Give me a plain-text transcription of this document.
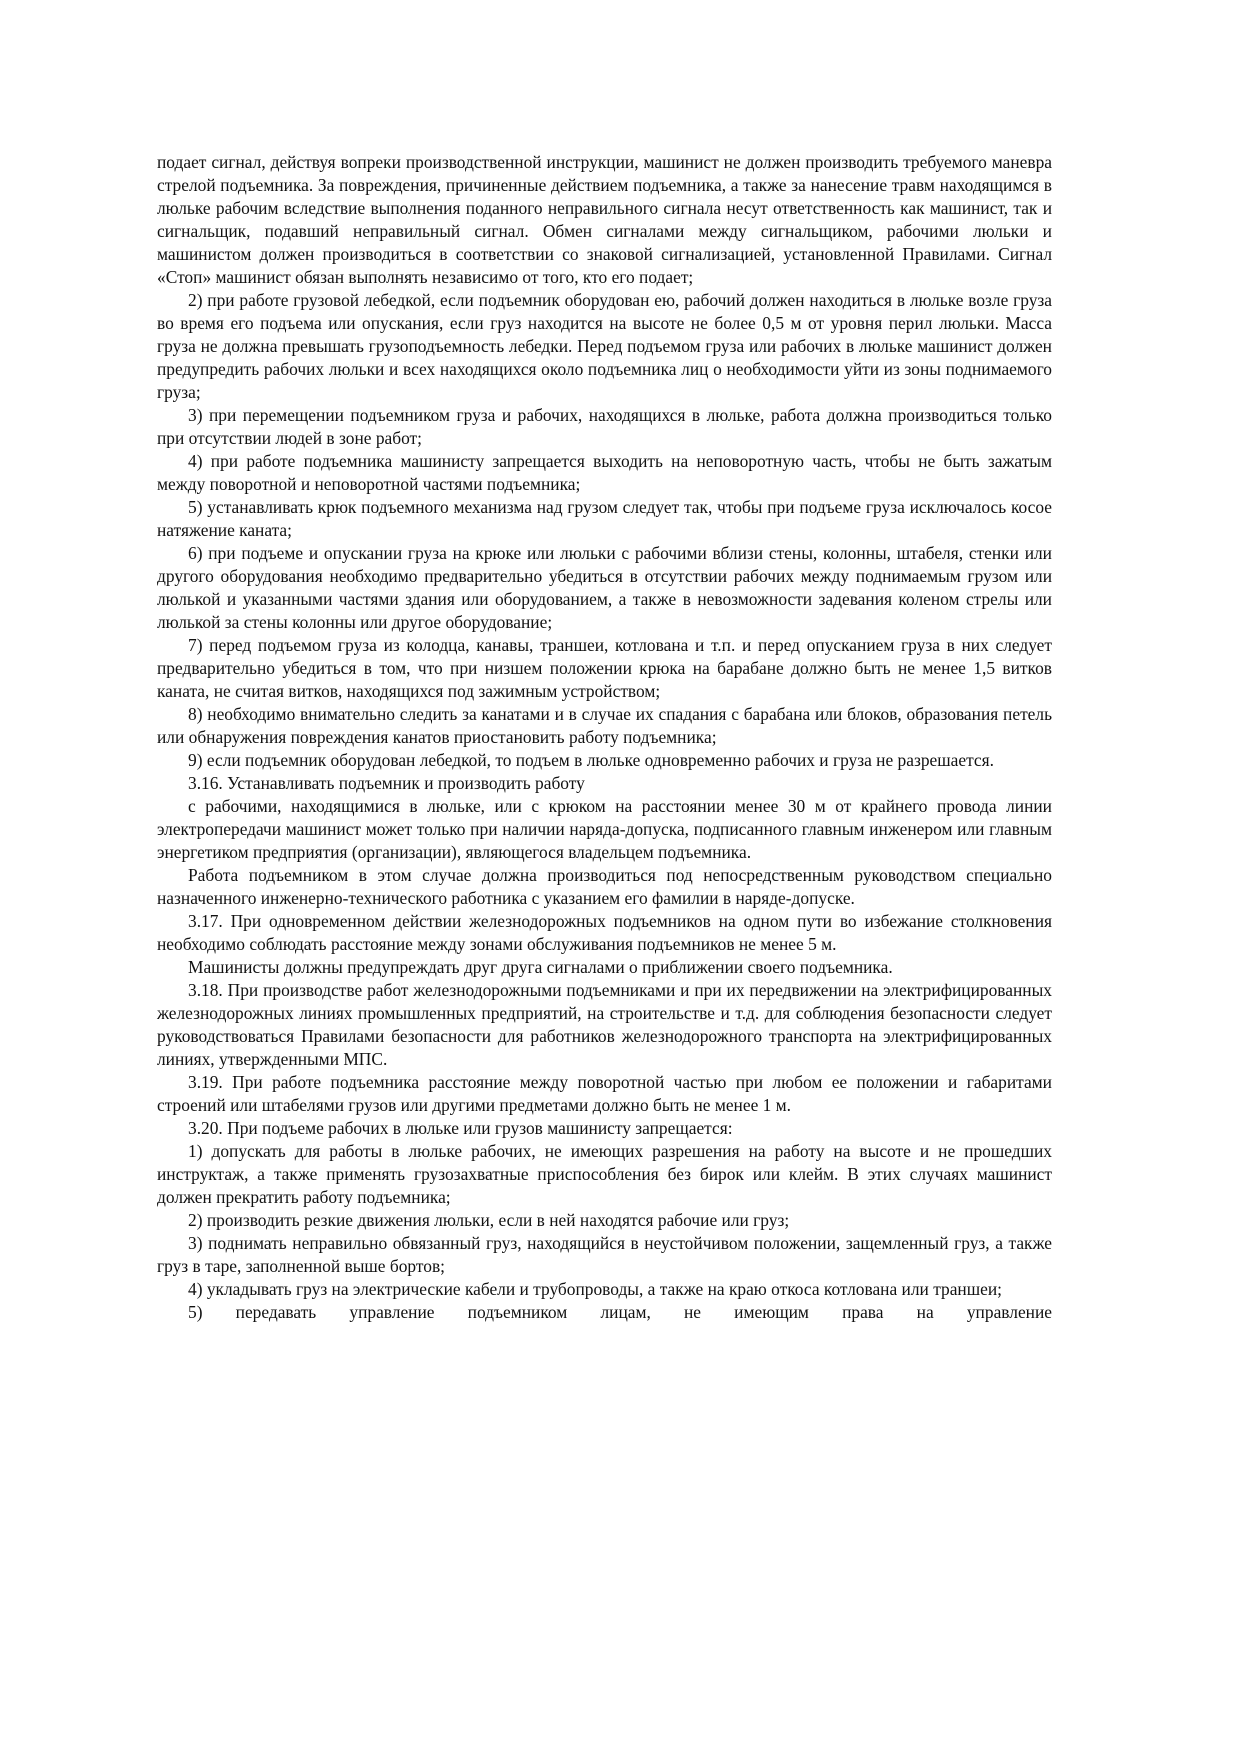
подает сигнал, действуя вопреки производственной инструкции, машинист не должен производить требуемого маневра стрелой подъемника. За повреждения, причиненные действием подъемника, а также за нанесение травм находящимся в люльке рабочим вследствие выполнения поданного неправильного сигнала несут ответственность как машинист, так и сигнальщик, подавший неправильный сигнал. Обмен сигналами между сигнальщиком, рабочими люльки и машинистом должен производиться в соответствии со знаковой сигнализацией, установленной Правилами. Сигнал «Стоп» машинист обязан выполнять независимо от того, кто его подает;

2) при работе грузовой лебедкой, если подъемник оборудован ею, рабочий должен находиться в люльке возле груза во время его подъема или опускания, если груз находится на высоте не более 0,5 м от уровня перил люльки. Масса груза не должна превышать грузоподъемность лебедки. Перед подъемом груза или рабочих в люльке машинист должен предупредить рабочих люльки и всех находящихся около подъемника лиц о необходимости уйти из зоны поднимаемого груза;

3) при перемещении подъемником груза и рабочих, находящихся в люльке, работа должна производиться только при отсутствии людей в зоне работ;

4) при работе подъемника машинисту запрещается выходить на неповоротную часть, чтобы не быть зажатым между поворотной и неповоротной частями подъемника;

5) устанавливать крюк подъемного механизма над грузом следует так, чтобы при подъеме груза исключалось косое натяжение каната;

6) при подъеме и опускании груза на крюке или люльки с рабочими вблизи стены, колонны, штабеля, стенки или другого оборудования необходимо предварительно убедиться в отсутствии рабочих между поднимаемым грузом или люлькой и указанными частями здания или оборудованием, а также в невозможности задевания коленом стрелы или люлькой за стены колонны или другое оборудование;

7) перед подъемом груза из колодца, канавы, траншеи, котлована и т.п. и перед опусканием груза в них следует предварительно убедиться в том, что при низшем положении крюка на барабане должно быть не менее 1,5 витков каната, не считая витков, находящихся под зажимным устройством;

8) необходимо внимательно следить за канатами и в случае их спадания с барабана или блоков, образования петель или обнаружения повреждения канатов приостановить работу подъемника;

9) если подъемник оборудован лебедкой, то подъем в люльке одновременно рабочих и груза не разрешается.

3.16. Устанавливать подъемник и производить работу

с рабочими, находящимися в люльке, или с крюком на расстоянии менее 30 м от крайнего провода линии электропередачи машинист может только при наличии наряда-допуска, подписанного главным инженером или главным энергетиком предприятия (организации), являющегося владельцем подъемника.

Работа подъемником в этом случае должна производиться под непосредственным руководством специально назначенного инженерно-технического работника с указанием его фамилии в наряде-допуске.

3.17. При одновременном действии железнодорожных подъемников на одном пути во избежание столкновения необходимо соблюдать расстояние между зонами обслуживания подъемников не менее 5 м.

Машинисты должны предупреждать друг друга сигналами о приближении своего подъемника.

3.18. При производстве работ железнодорожными подъемниками и при их передвижении на электрифицированных железнодорожных линиях промышленных предприятий, на строительстве и т.д. для соблюдения безопасности следует руководствоваться Правилами безопасности для работников железнодорожного транспорта на электрифицированных линиях, утвержденными МПС.

3.19. При работе подъемника расстояние между поворотной частью при любом ее положении и габаритами строений или штабелями грузов или другими предметами должно быть не менее 1 м.

3.20. При подъеме рабочих в люльке или грузов машинисту запрещается:

1) допускать для работы в люльке рабочих, не имеющих разрешения на работу на высоте и не прошедших инструктаж, а также применять грузозахватные приспособления без бирок или клейм. В этих случаях машинист должен прекратить работу подъемника;

2) производить резкие движения люльки, если в ней находятся рабочие или груз;

3) поднимать неправильно обвязанный груз, находящийся в неустойчивом положении, защемленный груз, а также груз в таре, заполненной выше бортов;

4) укладывать груз на электрические кабели и трубопроводы, а также на краю откоса котлована или траншеи;

5) передавать управление подъемником лицам, не имеющим права на управление
